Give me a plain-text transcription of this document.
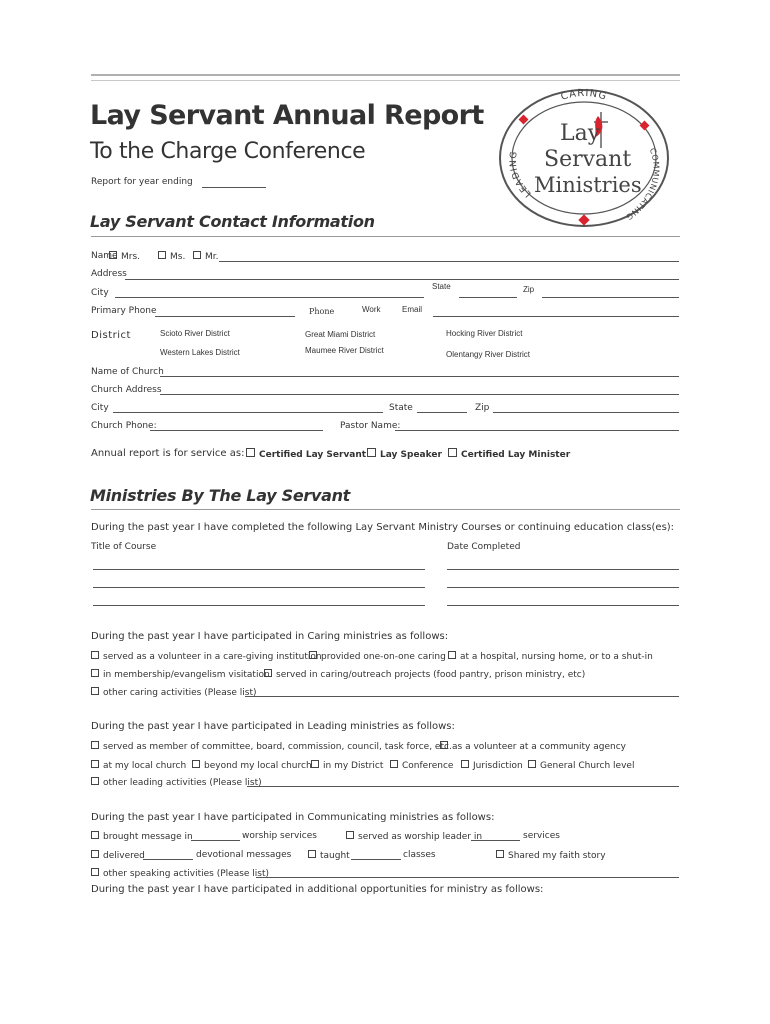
Lay Servant Annual Report
To the Charge Conference
Report for year ending
CARING
LEADING	COMMUNICATING
Lay
Servant
Ministries
Lay Servant Contact Information
Name Mrs.	Ms.	Mr.
Address
City
State	Zip
Primary Phone	Phone	Work	Email
District	Scioto River District	Great Miami District	Hocking River District
Western Lakes District	Maumee River District	Olentangy River District
Name of Church
Church Address
City	State	Zip
Church Phone:	Pastor Name:
Annual report is for service as:	Certified Lay Servant	Lay Speaker	Certified Lay Minister
Ministries By The Lay Servant
During the past year I have completed the following Lay Servant Ministry Courses or continuing education class(es):
Title of Course	Date Completed
During the past year I have participated in Caring ministries as follows:
served as a volunteer in a care-giving institution provided one-on-one caring	at a hospital, nursing home, or to a shut-in
in membership/evangelism visitation served in caring/outreach projects (food pantry, prison ministry, etc)
other caring activities (Please list)
During the past year I have participated in Leading ministries as follows:
served as member of committee, board, commission, council, task force, etc. as a volunteer at a community agency
at my local church	beyond my local church	in my District	Conference	Jurisdiction	General Church level
other leading activities (Please list)
During the past year I have participated in Communicating ministries as follows:
brought message in	worship services	served as worship leader in	services
delivered	devotional messages	taught	classes	Shared my faith story
other speaking activities (Please list)
During the past year I have participated in additional opportunities for ministry as follows:
